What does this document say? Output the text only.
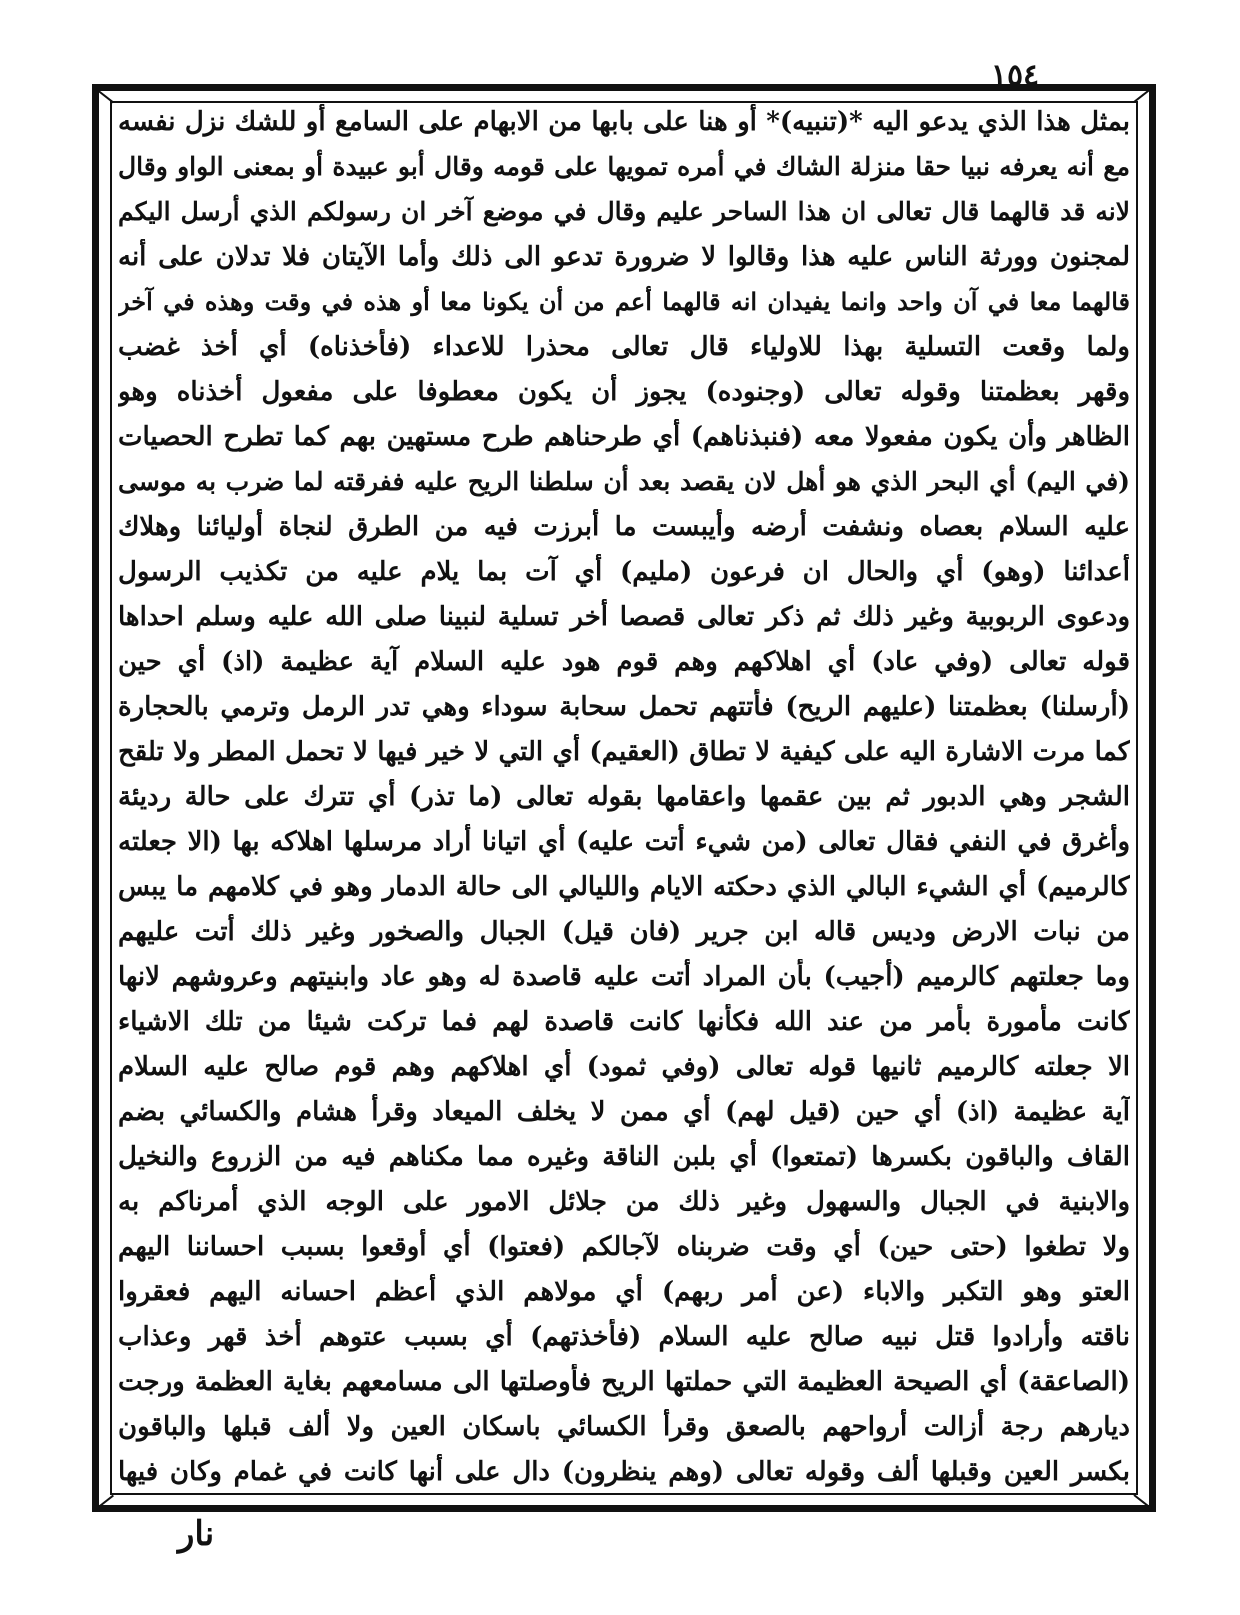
١٥٤
بمثل هذا الذي يدعو اليه *(تنبيه)* أو هنا على بابها من الابهام على السامع أو للشك نزل نفسه
مع أنه يعرفه نبيا حقا منزلة الشاك في أمره تمويها على قومه وقال أبو عبيدة أو بمعنى الواو وقال
لانه قد قالهما قال تعالى ان هذا الساحر عليم وقال في موضع آخر ان رسولكم الذي أرسل اليكم
لمجنون وورثة الناس عليه هذا وقالوا لا ضرورة تدعو الى ذلك وأما الآيتان فلا تدلان على أنه
قالهما معا في آن واحد وانما يفيدان انه قالهما أعم من أن يكونا معا أو هذه في وقت وهذه في آخر
ولما وقعت التسلية بهذا للاولياء قال تعالى محذرا للاعداء (فأخذناه) أي أخذ غضب
وقهر بعظمتنا وقوله تعالى (وجنوده) يجوز أن يكون معطوفا على مفعول أخذناه وهو
الظاهر وأن يكون مفعولا معه (فنبذناهم) أي طرحناهم طرح مستهين بهم كما تطرح الحصيات
(في اليم) أي البحر الذي هو أهل لان يقصد بعد أن سلطنا الريح عليه ففرقته لما ضرب به موسى
عليه السلام بعصاه ونشفت أرضه وأيبست ما أبرزت فيه من الطرق لنجاة أوليائنا وهلاك
أعدائنا (وهو) أي والحال ان فرعون (مليم) أي آت بما يلام عليه من تكذيب الرسول
ودعوى الربوبية وغير ذلك ثم ذكر تعالى قصصا أخر تسلية لنبينا صلى الله عليه وسلم احداها
قوله تعالى (وفي عاد) أي اهلاكهم وهم قوم هود عليه السلام آية عظيمة (اذ) أي حين
(أرسلنا) بعظمتنا (عليهم الريح) فأتتهم تحمل سحابة سوداء وهي تدر الرمل وترمي بالحجارة
كما مرت الاشارة اليه على كيفية لا تطاق (العقيم) أي التي لا خير فيها لا تحمل المطر ولا تلقح
الشجر وهي الدبور ثم بين عقمها واعقامها بقوله تعالى (ما تذر) أي تترك على حالة رديئة
وأغرق في النفي فقال تعالى (من شيء أتت عليه) أي اتيانا أراد مرسلها اهلاكه بها (الا جعلته
كالرميم) أي الشيء البالي الذي دحكته الايام والليالي الى حالة الدمار وهو في كلامهم ما يبس
من نبات الارض وديس قاله ابن جرير (فان قيل) الجبال والصخور وغير ذلك أتت عليهم
وما جعلتهم كالرميم (أجيب) بأن المراد أتت عليه قاصدة له وهو عاد وابنيتهم وعروشهم لانها
كانت مأمورة بأمر من عند الله فكأنها كانت قاصدة لهم فما تركت شيئا من تلك الاشياء
الا جعلته كالرميم ثانيها قوله تعالى (وفي ثمود) أي اهلاكهم وهم قوم صالح عليه السلام
آية عظيمة (اذ) أي حين (قيل لهم) أي ممن لا يخلف الميعاد وقرأ هشام والكسائي بضم
القاف والباقون بكسرها (تمتعوا) أي بلبن الناقة وغيره مما مكناهم فيه من الزروع والنخيل
والابنية في الجبال والسهول وغير ذلك من جلائل الامور على الوجه الذي أمرناكم به
ولا تطغوا (حتى حين) أي وقت ضربناه لآجالكم (فعتوا) أي أوقعوا بسبب احساننا اليهم
العتو وهو التكبر والاباء (عن أمر ربهم) أي مولاهم الذي أعظم احسانه اليهم فعقروا
ناقته وأرادوا قتل نبيه صالح عليه السلام (فأخذتهم) أي بسبب عتوهم أخذ قهر وعذاب
(الصاعقة) أي الصيحة العظيمة التي حملتها الريح فأوصلتها الى مسامعهم بغاية العظمة ورجت
ديارهم رجة أزالت أرواحهم بالصعق وقرأ الكسائي باسكان العين ولا ألف قبلها والباقون
بكسر العين وقبلها ألف وقوله تعالى (وهم ينظرون) دال على أنها كانت في غمام وكان فيها
نار
